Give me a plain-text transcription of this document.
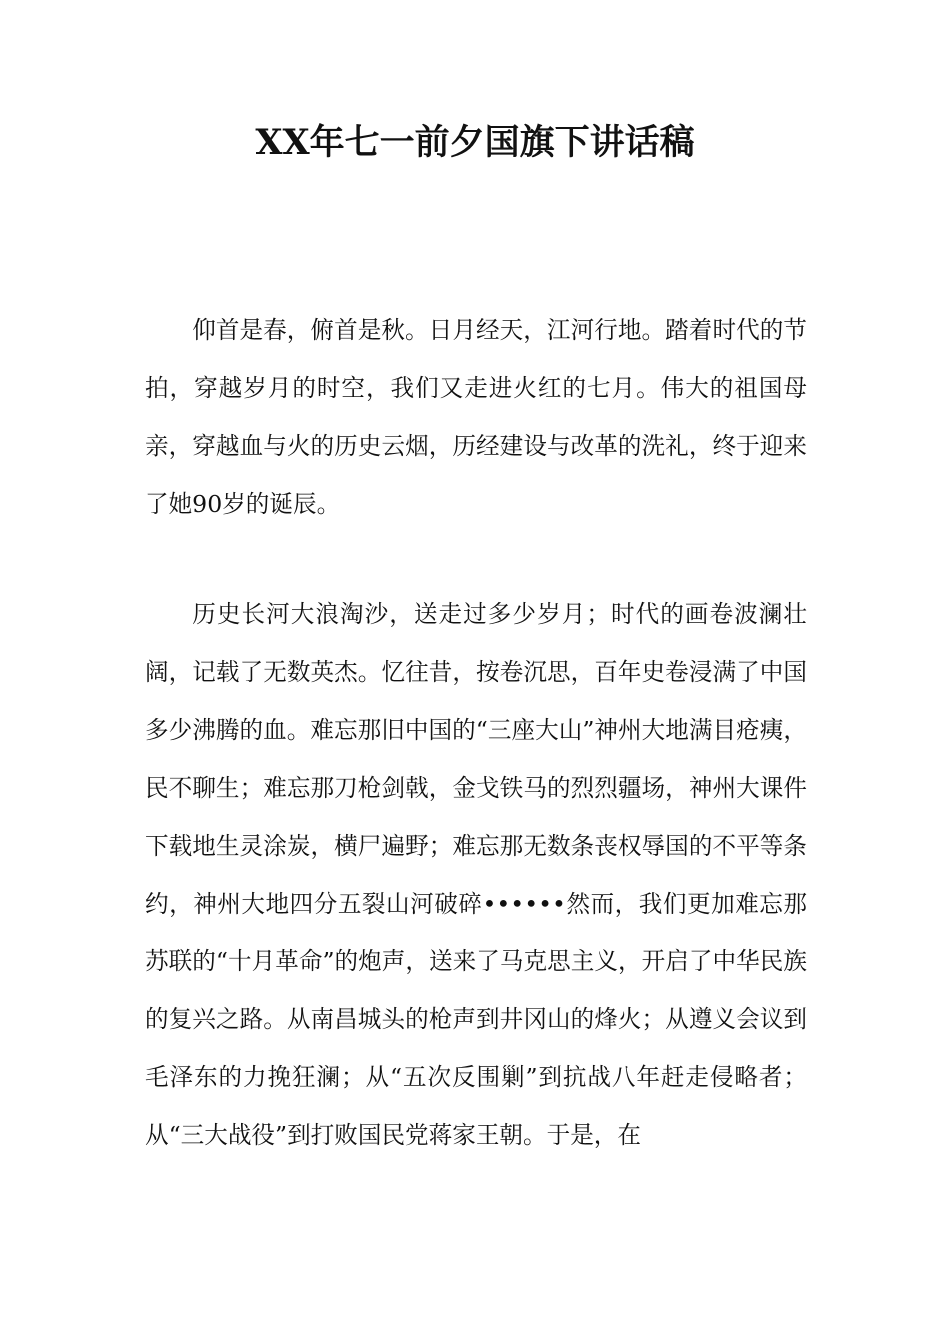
XX年七一前夕国旗下讲话稿

仰首是春，俯首是秋。日月经天，江河行地。踏着时代的节拍，穿越岁月的时空，我们又走进火红的七月。伟大的祖国母亲，穿越血与火的历史云烟，历经建设与改革的洗礼，终于迎来了她90岁的诞辰。

历史长河大浪淘沙，送走过多少岁月；时代的画卷波澜壮阔，记载了无数英杰。忆往昔，按卷沉思，百年史卷浸满了中国多少沸腾的血。难忘那旧中国的“三座大山”神州大地满目疮痍，民不聊生；难忘那刀枪剑戟，金戈铁马的烈烈疆场，神州大课件下载地生灵涂炭，横尸遍野；难忘那无数条丧权辱国的不平等条约，神州大地四分五裂山河破碎••••••然而，我们更加难忘那苏联的“十月革命”的炮声，送来了马克思主义，开启了中华民族的复兴之路。从南昌城头的枪声到井冈山的烽火；从遵义会议到毛泽东的力挽狂澜；从“五次反围剿”到抗战八年赶走侵略者；从“三大战役”到打败国民党蒋家王朝。于是，在
